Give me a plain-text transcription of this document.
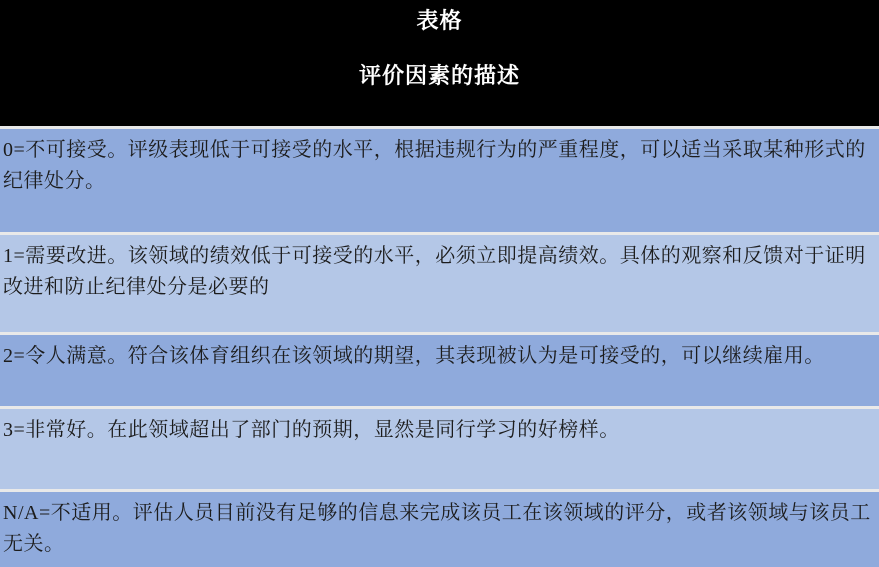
表格
评价因素的描述
0=不可接受。评级表现低于可接受的水平，根据违规行为的严重程度，可以适当采取某种形式的纪律处分。
1=需要改进。该领域的绩效低于可接受的水平，必须立即提高绩效。具体的观察和反馈对于证明改进和防止纪律处分是必要的
2=令人满意。符合该体育组织在该领域的期望，其表现被认为是可接受的，可以继续雇用。
3=非常好。在此领域超出了部门的预期，显然是同行学习的好榜样。
N/A=不适用。评估人员目前没有足够的信息来完成该员工在该领域的评分，或者该领域与该员工无关。
